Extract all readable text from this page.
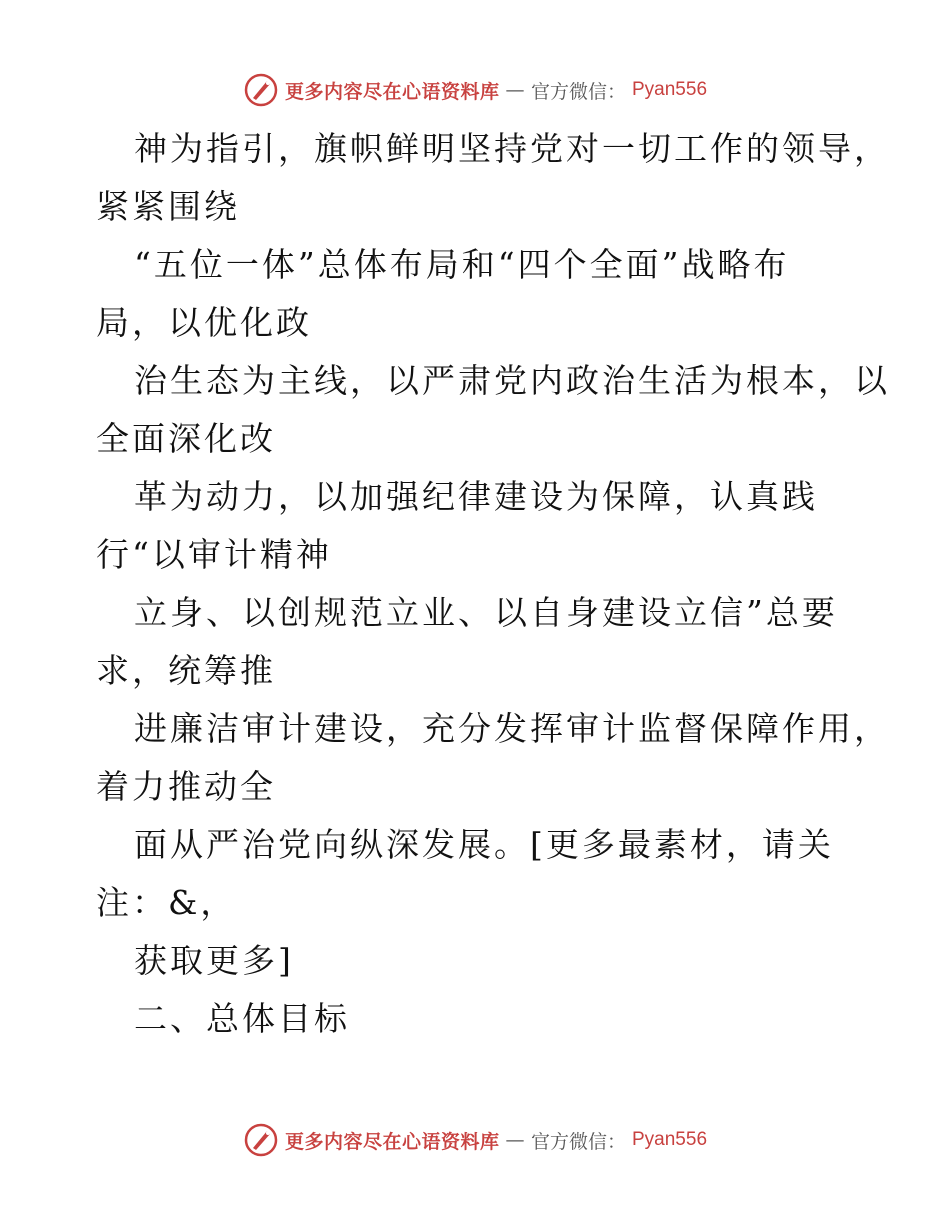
更多内容尽在心语资料库 — 官方微信： Pyan556
神为指引，旗帜鲜明坚持党对一切工作的领导，
紧紧围绕
“五位一体”总体布局和“四个全面”战略布
局，以优化政
治生态为主线，以严肃党内政治生活为根本，以
全面深化改
革为动力，以加强纪律建设为保障，认真践
行“以审计精神
立身、以创规范立业、以自身建设立信”总要
求，统筹推
进廉洁审计建设，充分发挥审计监督保障作用，
着力推动全
面从严治党向纵深发展。[更多最素材，请关
注：&，
获取更多]
二、总体目标
更多内容尽在心语资料库 — 官方微信： Pyan556
